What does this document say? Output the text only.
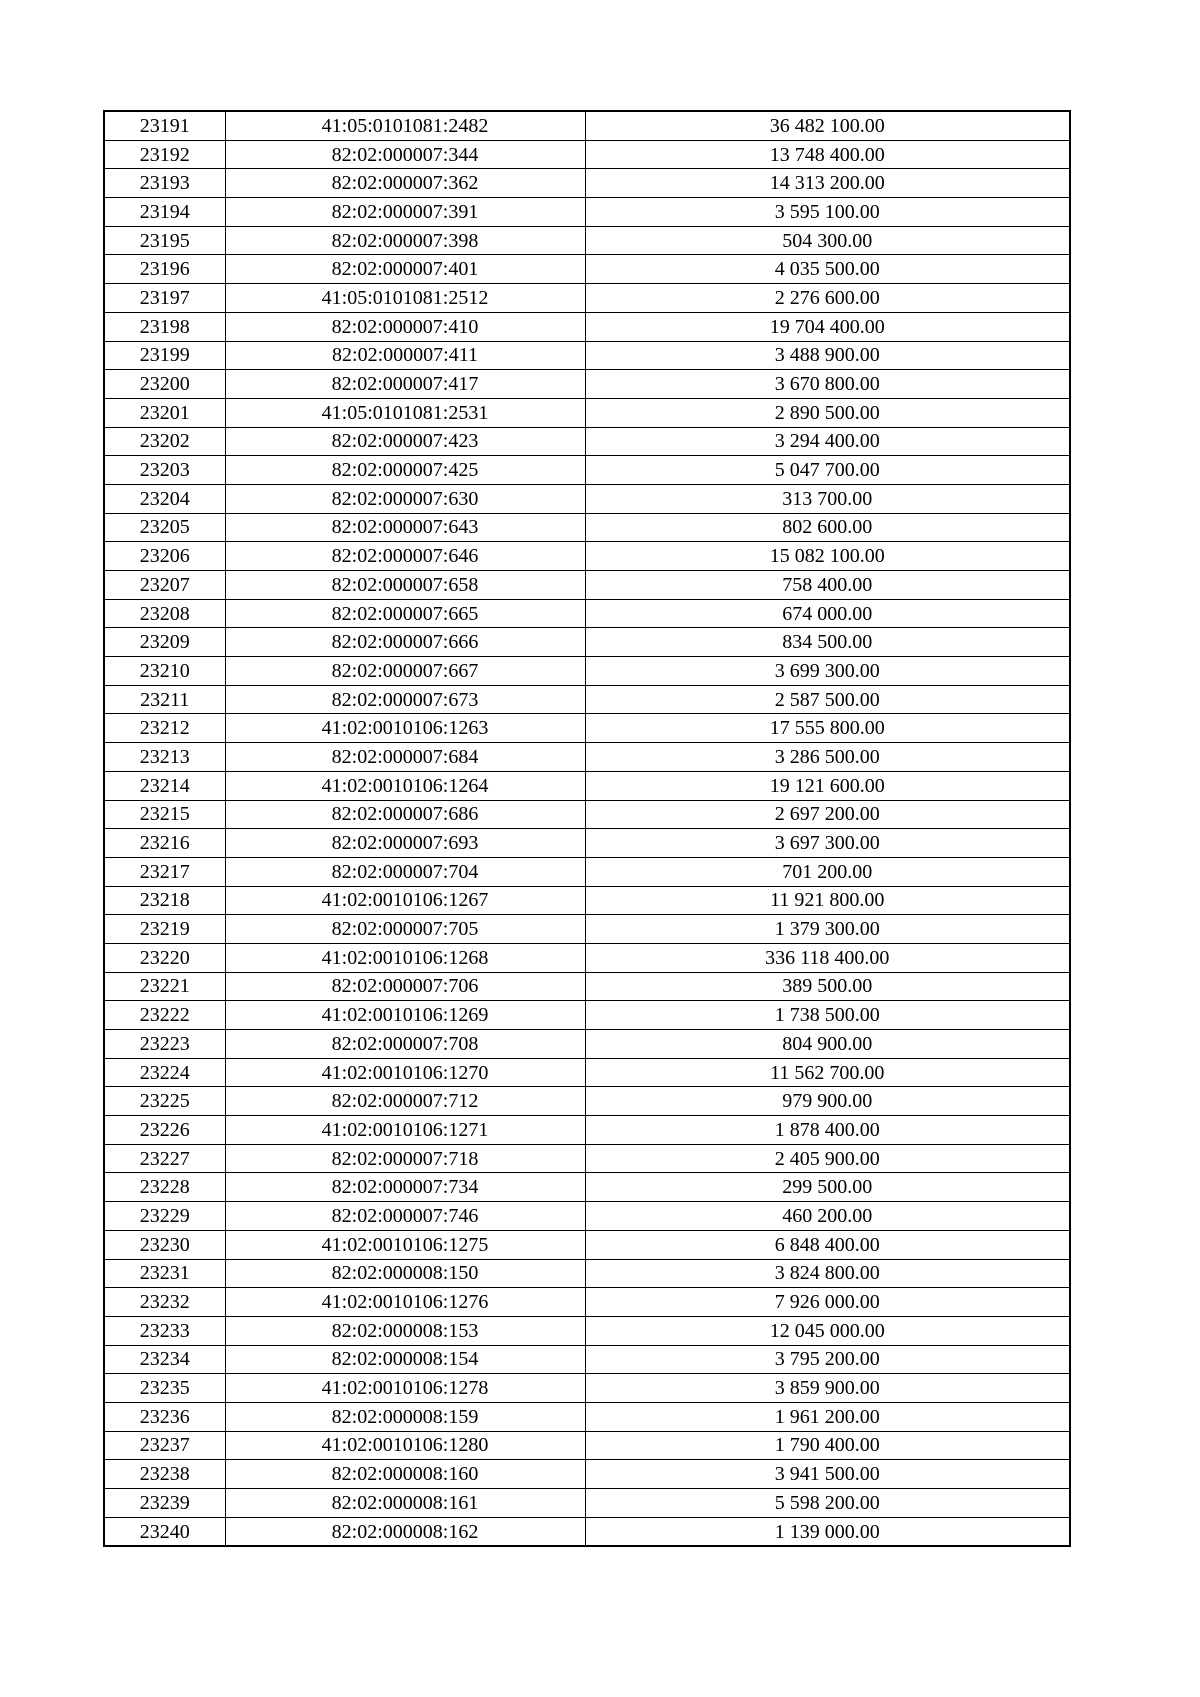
23191	41:05:0101081:2482	36 482 100.00
23192	82:02:000007:344	13 748 400.00
23193	82:02:000007:362	14 313 200.00
23194	82:02:000007:391	3 595 100.00
23195	82:02:000007:398	504 300.00
23196	82:02:000007:401	4 035 500.00
23197	41:05:0101081:2512	2 276 600.00
23198	82:02:000007:410	19 704 400.00
23199	82:02:000007:411	3 488 900.00
23200	82:02:000007:417	3 670 800.00
23201	41:05:0101081:2531	2 890 500.00
23202	82:02:000007:423	3 294 400.00
23203	82:02:000007:425	5 047 700.00
23204	82:02:000007:630	313 700.00
23205	82:02:000007:643	802 600.00
23206	82:02:000007:646	15 082 100.00
23207	82:02:000007:658	758 400.00
23208	82:02:000007:665	674 000.00
23209	82:02:000007:666	834 500.00
23210	82:02:000007:667	3 699 300.00
23211	82:02:000007:673	2 587 500.00
23212	41:02:0010106:1263	17 555 800.00
23213	82:02:000007:684	3 286 500.00
23214	41:02:0010106:1264	19 121 600.00
23215	82:02:000007:686	2 697 200.00
23216	82:02:000007:693	3 697 300.00
23217	82:02:000007:704	701 200.00
23218	41:02:0010106:1267	11 921 800.00
23219	82:02:000007:705	1 379 300.00
23220	41:02:0010106:1268	336 118 400.00
23221	82:02:000007:706	389 500.00
23222	41:02:0010106:1269	1 738 500.00
23223	82:02:000007:708	804 900.00
23224	41:02:0010106:1270	11 562 700.00
23225	82:02:000007:712	979 900.00
23226	41:02:0010106:1271	1 878 400.00
23227	82:02:000007:718	2 405 900.00
23228	82:02:000007:734	299 500.00
23229	82:02:000007:746	460 200.00
23230	41:02:0010106:1275	6 848 400.00
23231	82:02:000008:150	3 824 800.00
23232	41:02:0010106:1276	7 926 000.00
23233	82:02:000008:153	12 045 000.00
23234	82:02:000008:154	3 795 200.00
23235	41:02:0010106:1278	3 859 900.00
23236	82:02:000008:159	1 961 200.00
23237	41:02:0010106:1280	1 790 400.00
23238	82:02:000008:160	3 941 500.00
23239	82:02:000008:161	5 598 200.00
23240	82:02:000008:162	1 139 000.00
